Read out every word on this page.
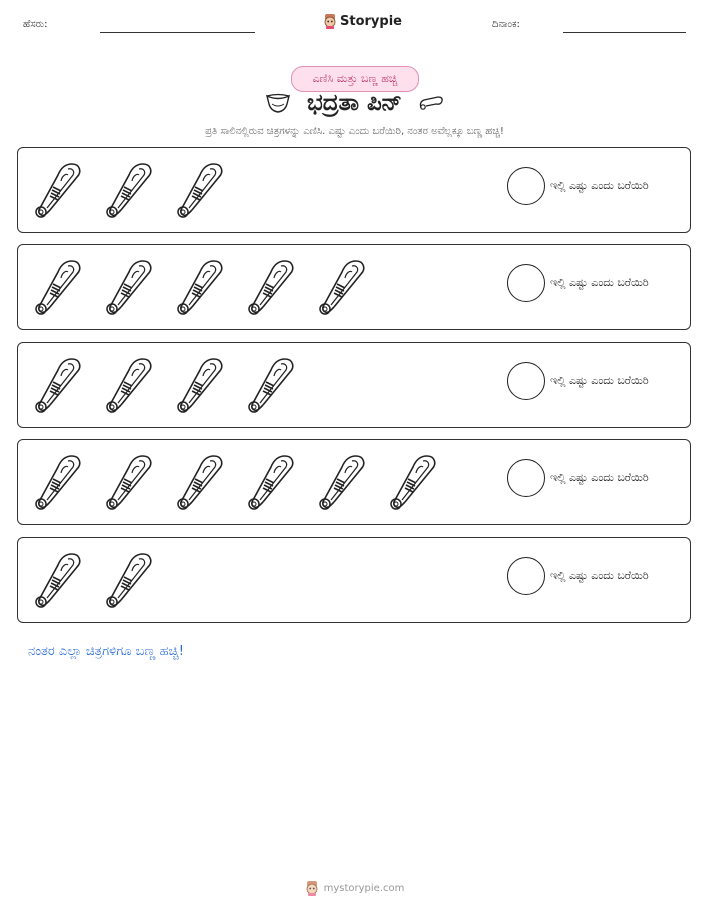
ಹೆಸರು:	Storypie	ದಿನಾಂಕ:
ಎಣಿಸಿ ಮತ್ತು ಬಣ್ಣ ಹಚ್ಚಿ
ಭದ್ರತಾ ಪಿನ್
ಪ್ರತಿ ಸಾಲಿನಲ್ಲಿರುವ ಚಿತ್ರಗಳನ್ನು ಎಣಿಸಿ. ಎಷ್ಟು ಎಂದು ಬರೆಯಿರಿ, ನಂತರ ಅವೆಲ್ಲಕ್ಕೂ ಬಣ್ಣ ಹಚ್ಚಿ!
ಇಲ್ಲಿ ಎಷ್ಟು ಎಂದು ಬರೆಯಿರಿ
ಇಲ್ಲಿ ಎಷ್ಟು ಎಂದು ಬರೆಯಿರಿ
ಇಲ್ಲಿ ಎಷ್ಟು ಎಂದು ಬರೆಯಿರಿ
ಇಲ್ಲಿ ಎಷ್ಟು ಎಂದು ಬರೆಯಿರಿ
ಇಲ್ಲಿ ಎಷ್ಟು ಎಂದು ಬರೆಯಿರಿ
ನಂತರ ಎಲ್ಲಾ ಚಿತ್ರಗಳಿಗೂ ಬಣ್ಣ ಹಚ್ಚಿ!
mystorypie.com
